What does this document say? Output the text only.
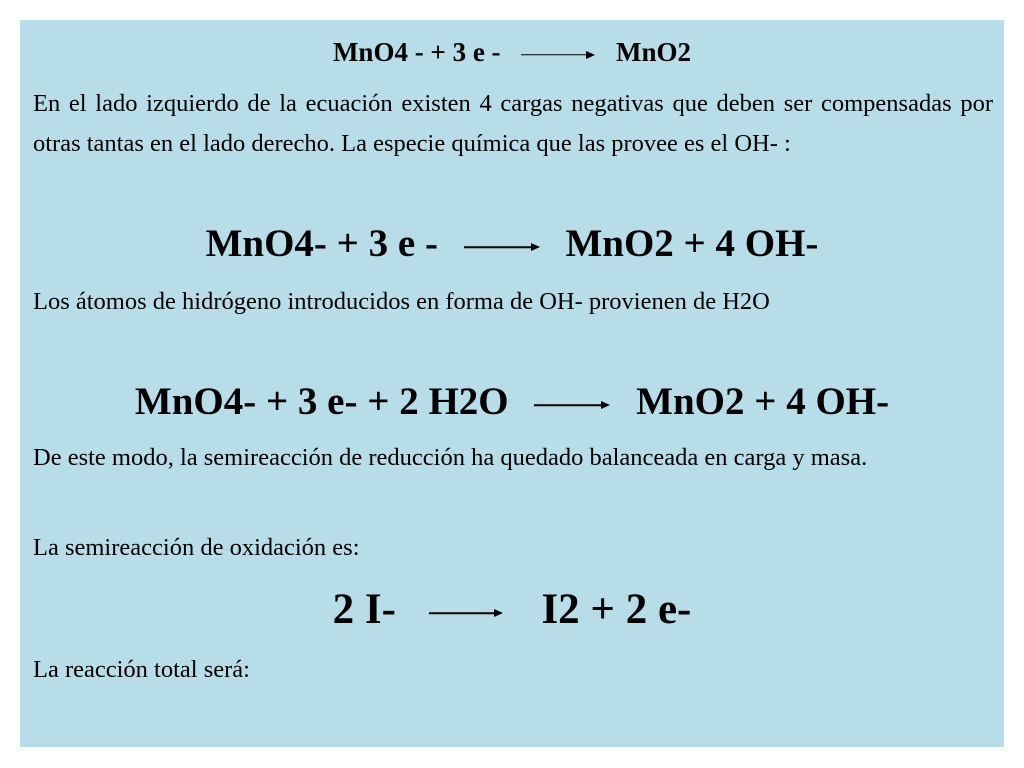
MnO4 - + 3 e -	MnO2
En el lado izquierdo de la ecuación existen 4 cargas negativas que deben ser compensadas por otras tantas en el lado derecho. La especie química que las provee es el OH- :
MnO4- + 3 e -	MnO2 + 4 OH-
Los átomos de hidrógeno introducidos en forma de OH- provienen de H2O
MnO4- + 3 e- + 2 H2O	MnO2 + 4 OH-
De este modo, la semireacción de reducción ha quedado balanceada en carga y masa.
La semireacción de oxidación es:
2 I-	I2 + 2 e-
La reacción total será:
